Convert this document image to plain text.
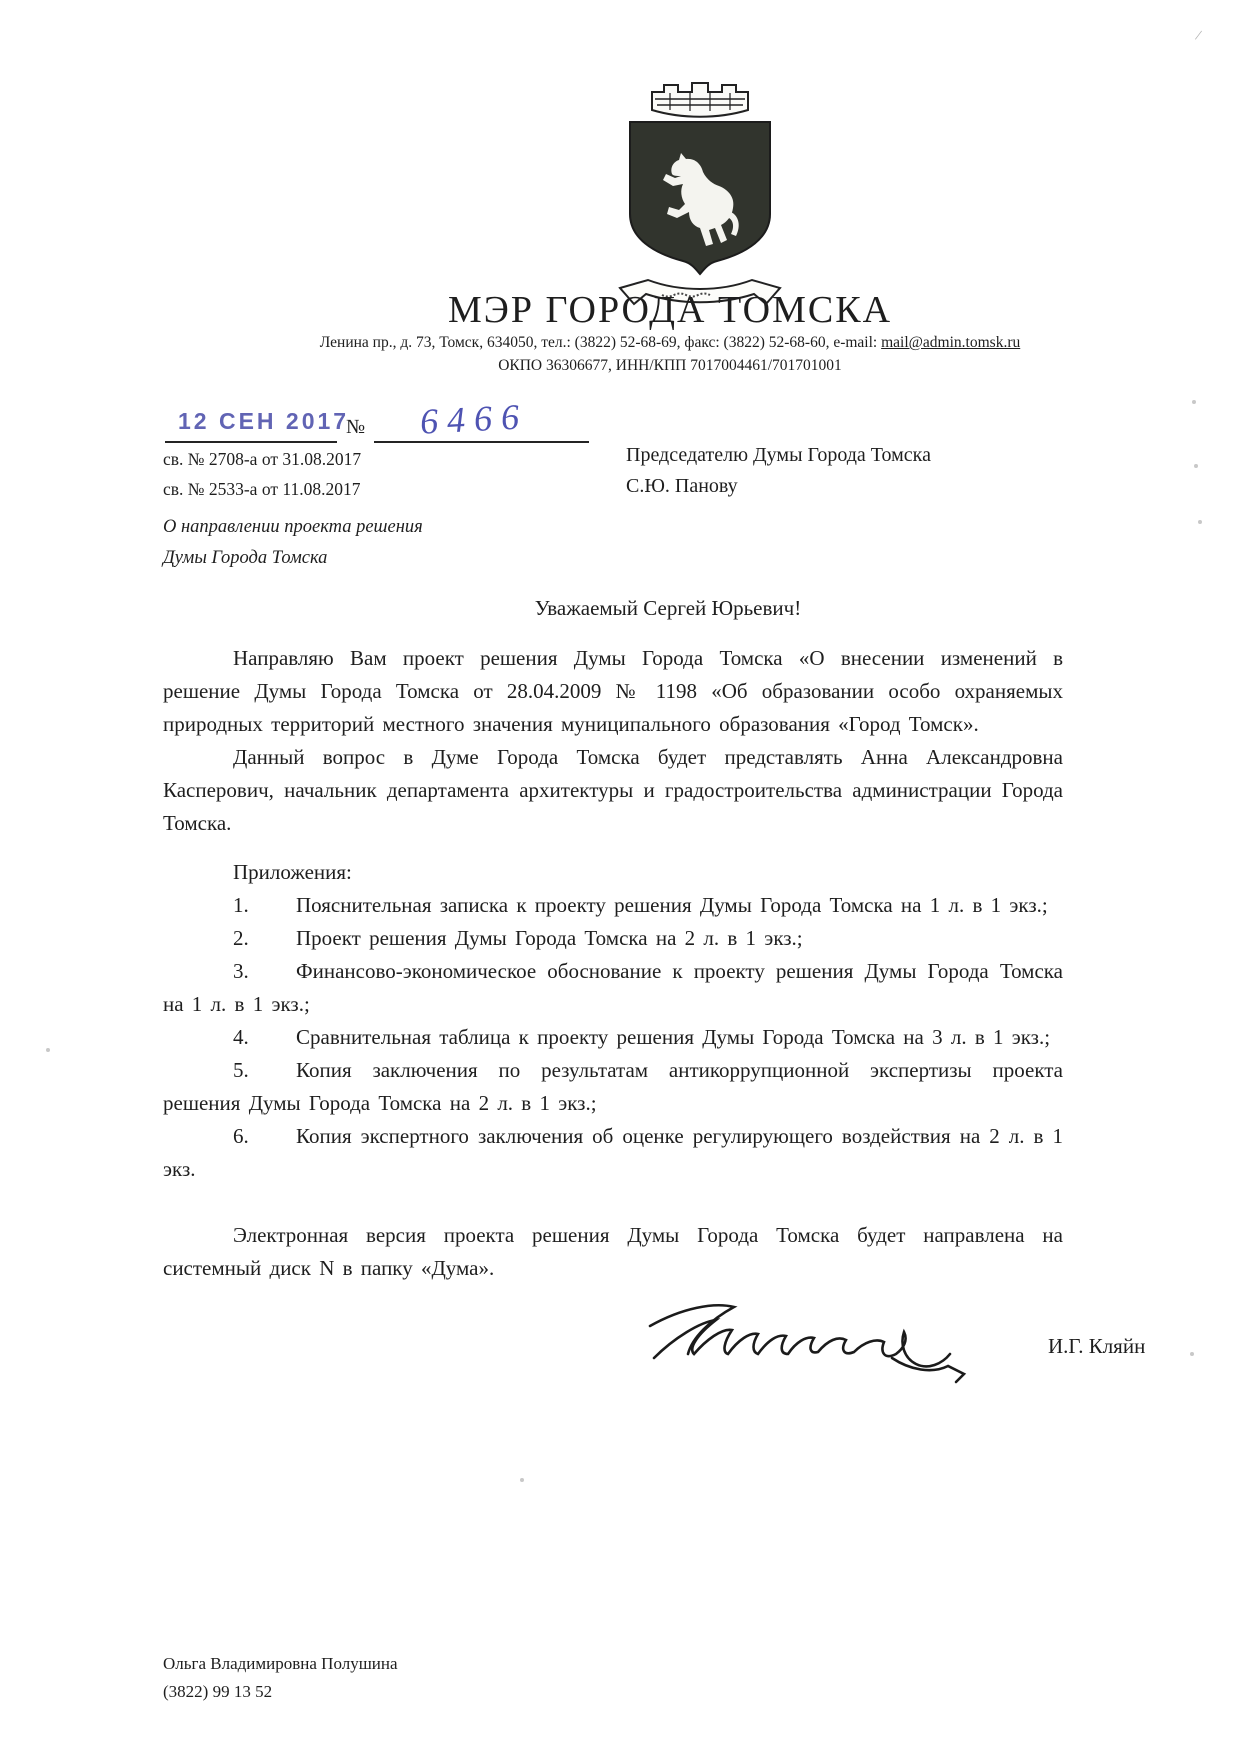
МЭР ГОРОДА ТОМСКА
Ленина пр., д. 73, Томск, 634050, тел.: (3822) 52-68-69, факс: (3822) 52-68-60, e-mail: mail@admin.tomsk.ru
ОКПО 36306677, ИНН/КПП 7017004461/701701001
12 СЕН 2017
№ 6466
св. № 2708-а от 31.08.2017
св. № 2533-а от 11.08.2017
Председателю Думы Города Томска
С.Ю. Панову
О направлении проекта решения
Думы Города Томска
Уважаемый Сергей Юрьевич!

Направляю Вам проект решения Думы Города Томска «О внесении изменений в решение Думы Города Томска от 28.04.2009 № 1198 «Об образовании особо охраняемых природных территорий местного значения муниципального образования «Город Томск».

Данный вопрос в Думе Города Томска будет представлять Анна Александровна Касперович, начальник департамента архитектуры и градостроительства администрации Города Томска.

Приложения:

1. Пояснительная записка к проекту решения Думы Города Томска на 1 л. в 1 экз.;

2. Проект решения Думы Города Томска на 2 л. в 1 экз.;

3. Финансово-экономическое обоснование к проекту решения Думы Города Томска на 1 л. в 1 экз.;

4. Сравнительная таблица к проекту решения Думы Города Томска на 3 л. в 1 экз.;

5. Копия заключения по результатам антикоррупционной экспертизы проекта решения Думы Города Томска на 2 л. в 1 экз.;

6. Копия экспертного заключения об оценке регулирующего воздействия на 2 л. в 1 экз.

Электронная версия проекта решения Думы Города Томска будет направлена на системный диск N в папку «Дума».

И.Г. Кляйн
Ольга Владимировна Полушина
(3822) 99 13 52
/
